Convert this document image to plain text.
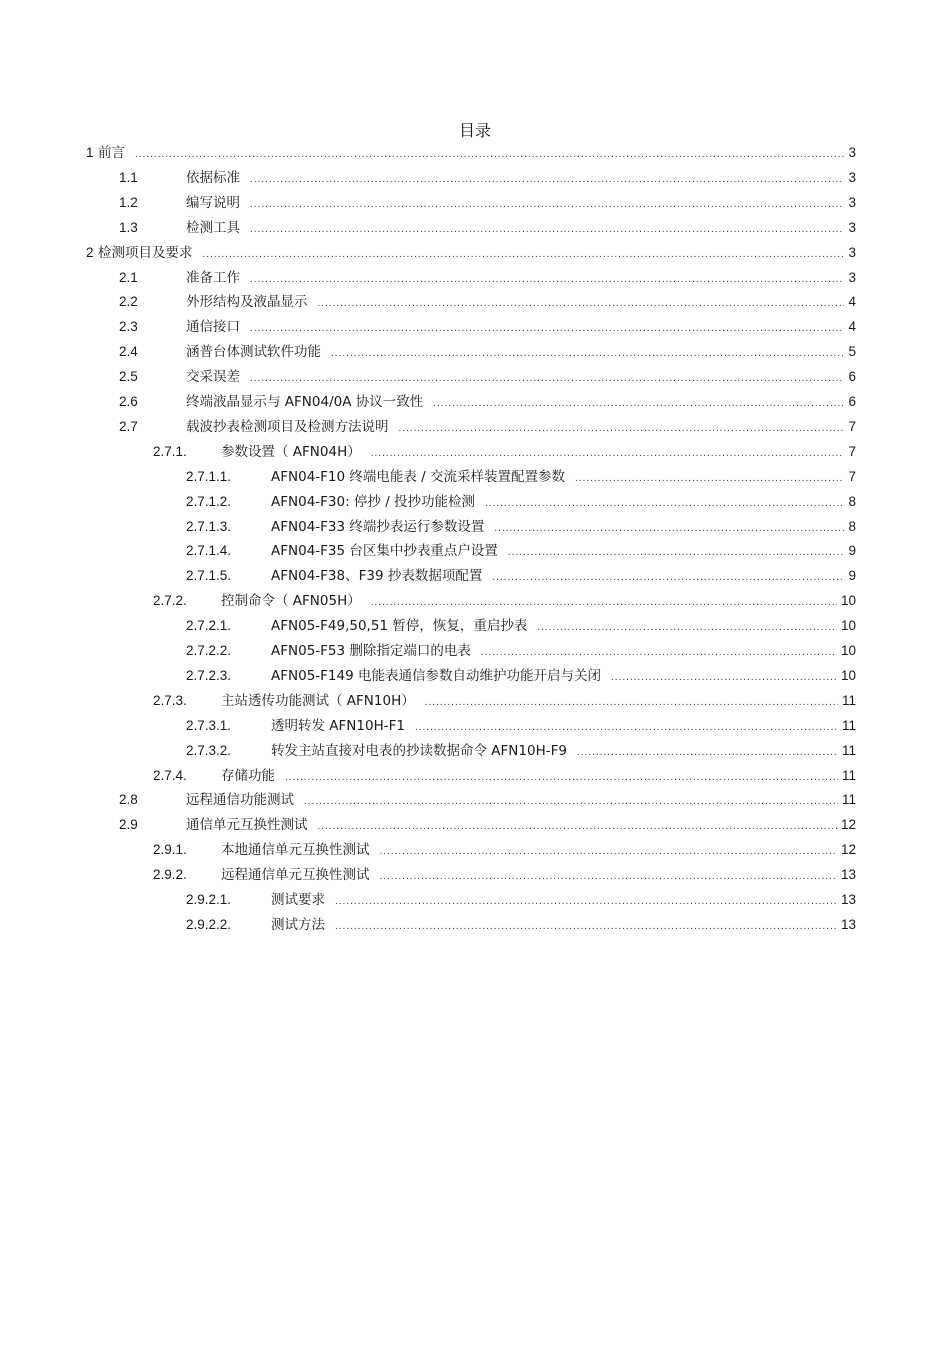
目录
1 前言 .....	3
1.1	依据标准 .....	3
1.2	编写说明 .....	3
1.3	检测工具 .....	3
2 检测项目及要求 .....	3
2.1	准备工作 .....	3
2.2	外形结构及液晶显示 .....	4
2.3	通信接口 .....	4
2.4	涵普台体测试软件功能 .....	5
2.5	交采误差 .....	6
2.6	终端液晶显示与 AFN04/0A 协议一致性 .....	6
2.7	载波抄表检测项目及检测方法说明 .....	7
2.7.1.	参数设置（ AFN04H） .....	7
2.7.1.1.	AFN04-F10 终端电能表 / 交流采样装置配置参数 .....	7
2.7.1.2.	AFN04-F30: 停抄 / 投抄功能检测 .....	8
2.7.1.3.	AFN04-F33 终端抄表运行参数设置 .....	8
2.7.1.4.	AFN04-F35 台区集中抄表重点户设置 .....	9
2.7.1.5.	AFN04-F38、F39 抄表数据项配置 .....	9
2.7.2.	控制命令（ AFN05H） .....	10
2.7.2.1.	AFN05-F49,50,51 暂停，恢复，重启抄表 .....	10
2.7.2.2.	AFN05-F53 删除指定端口的电表 .....	10
2.7.2.3.	AFN05-F149 电能表通信参数自动维护功能开启与关闭 .....	10
2.7.3.	主站透传功能测试（ AFN10H） .....	11
2.7.3.1.	透明转发 AFN10H-F1 .....	11
2.7.3.2.	转发主站直接对电表的抄读数据命令 AFN10H-F9 .....	11
2.7.4.	存储功能 .....	11
2.8	远程通信功能测试 .....	11
2.9	通信单元互换性测试 .....	12
2.9.1.	本地通信单元互换性测试 .....	12
2.9.2.	远程通信单元互换性测试 .....	13
2.9.2.1.	测试要求 .....	13
2.9.2.2.	测试方法 .....	13
